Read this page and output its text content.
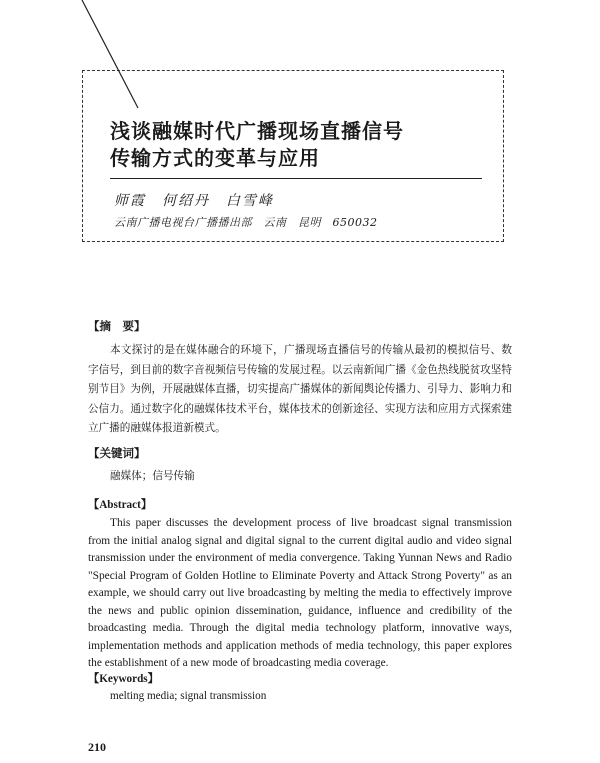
浅谈融媒时代广播现场直播信号

传输方式的变革与应用

师霞　何绍丹　白雪峰
云南广播电视台广播播出部　云南　昆明　650032
【摘　要】

本文探讨的是在媒体融合的环境下，广播现场直播信号的传输从最初的模拟信号、数字信号，到目前的数字音视频信号传输的发展过程。以云南新闻广播《金色热线脱贫攻坚特别节目》为例，开展融媒体直播，切实提高广播媒体的新闻舆论传播力、引导力、影响力和公信力。通过数字化的融媒体技术平台，媒体技术的创新途径、实现方法和应用方式探索建立广播的融媒体报道新模式。

【关键词】
融媒体；信号传输
【Abstract】

This paper discusses the development process of live broadcast signal transmission from the initial analog signal and digital signal to the current digital audio and video signal transmission under the environment of media convergence. Taking Yunnan News and Radio "Special Program of Golden Hotline to Eliminate Poverty and Attack Strong Poverty" as an example, we should carry out live broadcasting by melting the media to effectively improve the news and public opinion dissemination, guidance, influence and credibility of the broadcasting media. Through the digital media technology platform, innovative ways, implementation methods and application methods of media technology, this paper explores the establishment of a new mode of broadcasting media coverage.

【Keywords】
melting media; signal transmission
210
